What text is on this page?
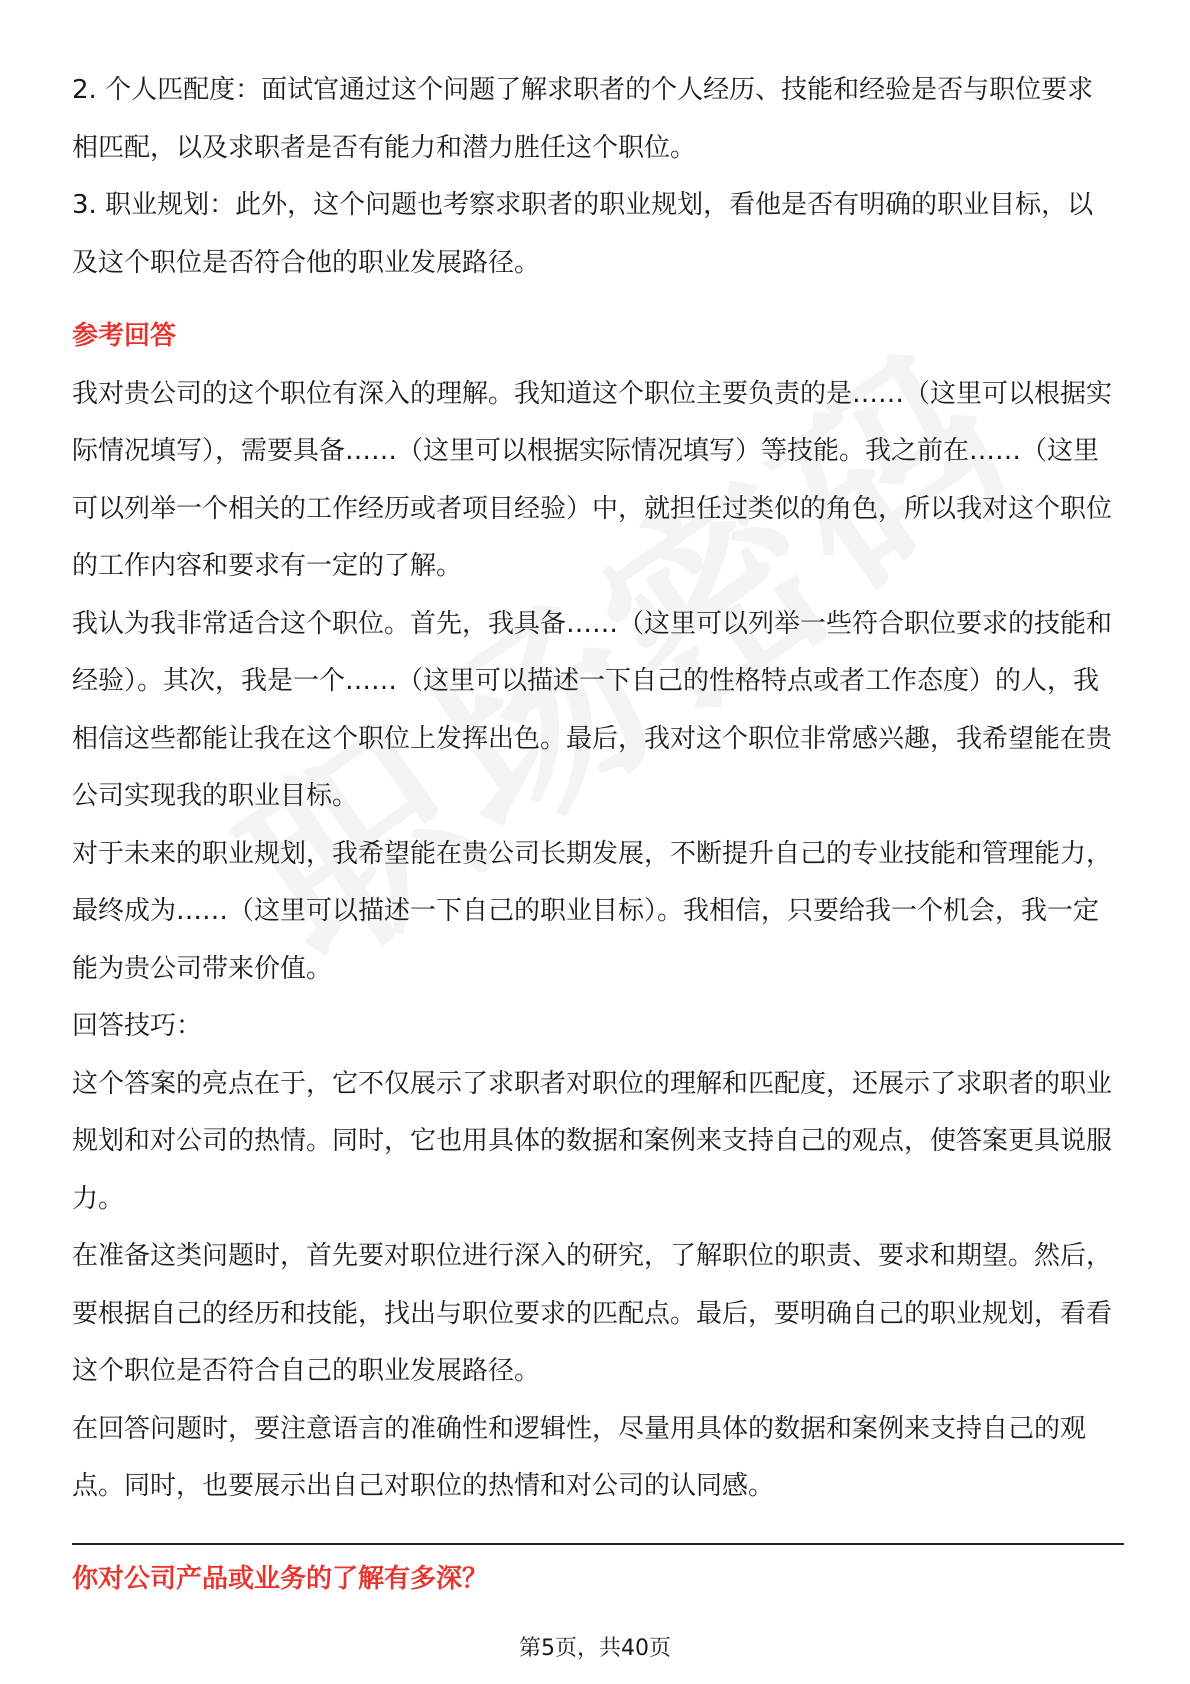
2. 个人匹配度：面试官通过这个问题了解求职者的个人经历、技能和经验是否与职位要求相匹配，以及求职者是否有能力和潜力胜任这个职位。

3. 职业规划：此外，这个问题也考察求职者的职业规划，看他是否有明确的职业目标，以及这个职位是否符合他的职业发展路径。

参考回答

我对贵公司的这个职位有深入的理解。我知道这个职位主要负责的是……（这里可以根据实际情况填写），需要具备……（这里可以根据实际情况填写）等技能。我之前在……（这里可以列举一个相关的工作经历或者项目经验）中，就担任过类似的角色，所以我对这个职位的工作内容和要求有一定的了解。

我认为我非常适合这个职位。首先，我具备……（这里可以列举一些符合职位要求的技能和经验）。其次，我是一个……（这里可以描述一下自己的性格特点或者工作态度）的人，我相信这些都能让我在这个职位上发挥出色。最后，我对这个职位非常感兴趣，我希望能在贵公司实现我的职业目标。

对于未来的职业规划，我希望能在贵公司长期发展，不断提升自己的专业技能和管理能力，最终成为……（这里可以描述一下自己的职业目标）。我相信，只要给我一个机会，我一定能为贵公司带来价值。

回答技巧：

这个答案的亮点在于，它不仅展示了求职者对职位的理解和匹配度，还展示了求职者的职业规划和对公司的热情。同时，它也用具体的数据和案例来支持自己的观点，使答案更具说服力。

在准备这类问题时，首先要对职位进行深入的研究，了解职位的职责、要求和期望。然后，要根据自己的经历和技能，找出与职位要求的匹配点。最后，要明确自己的职业规划，看看这个职位是否符合自己的职业发展路径。

在回答问题时，要注意语言的准确性和逻辑性，尽量用具体的数据和案例来支持自己的观点。同时，也要展示出自己对职位的热情和对公司的认同感。

你对公司产品或业务的了解有多深？

第5页，共40页
